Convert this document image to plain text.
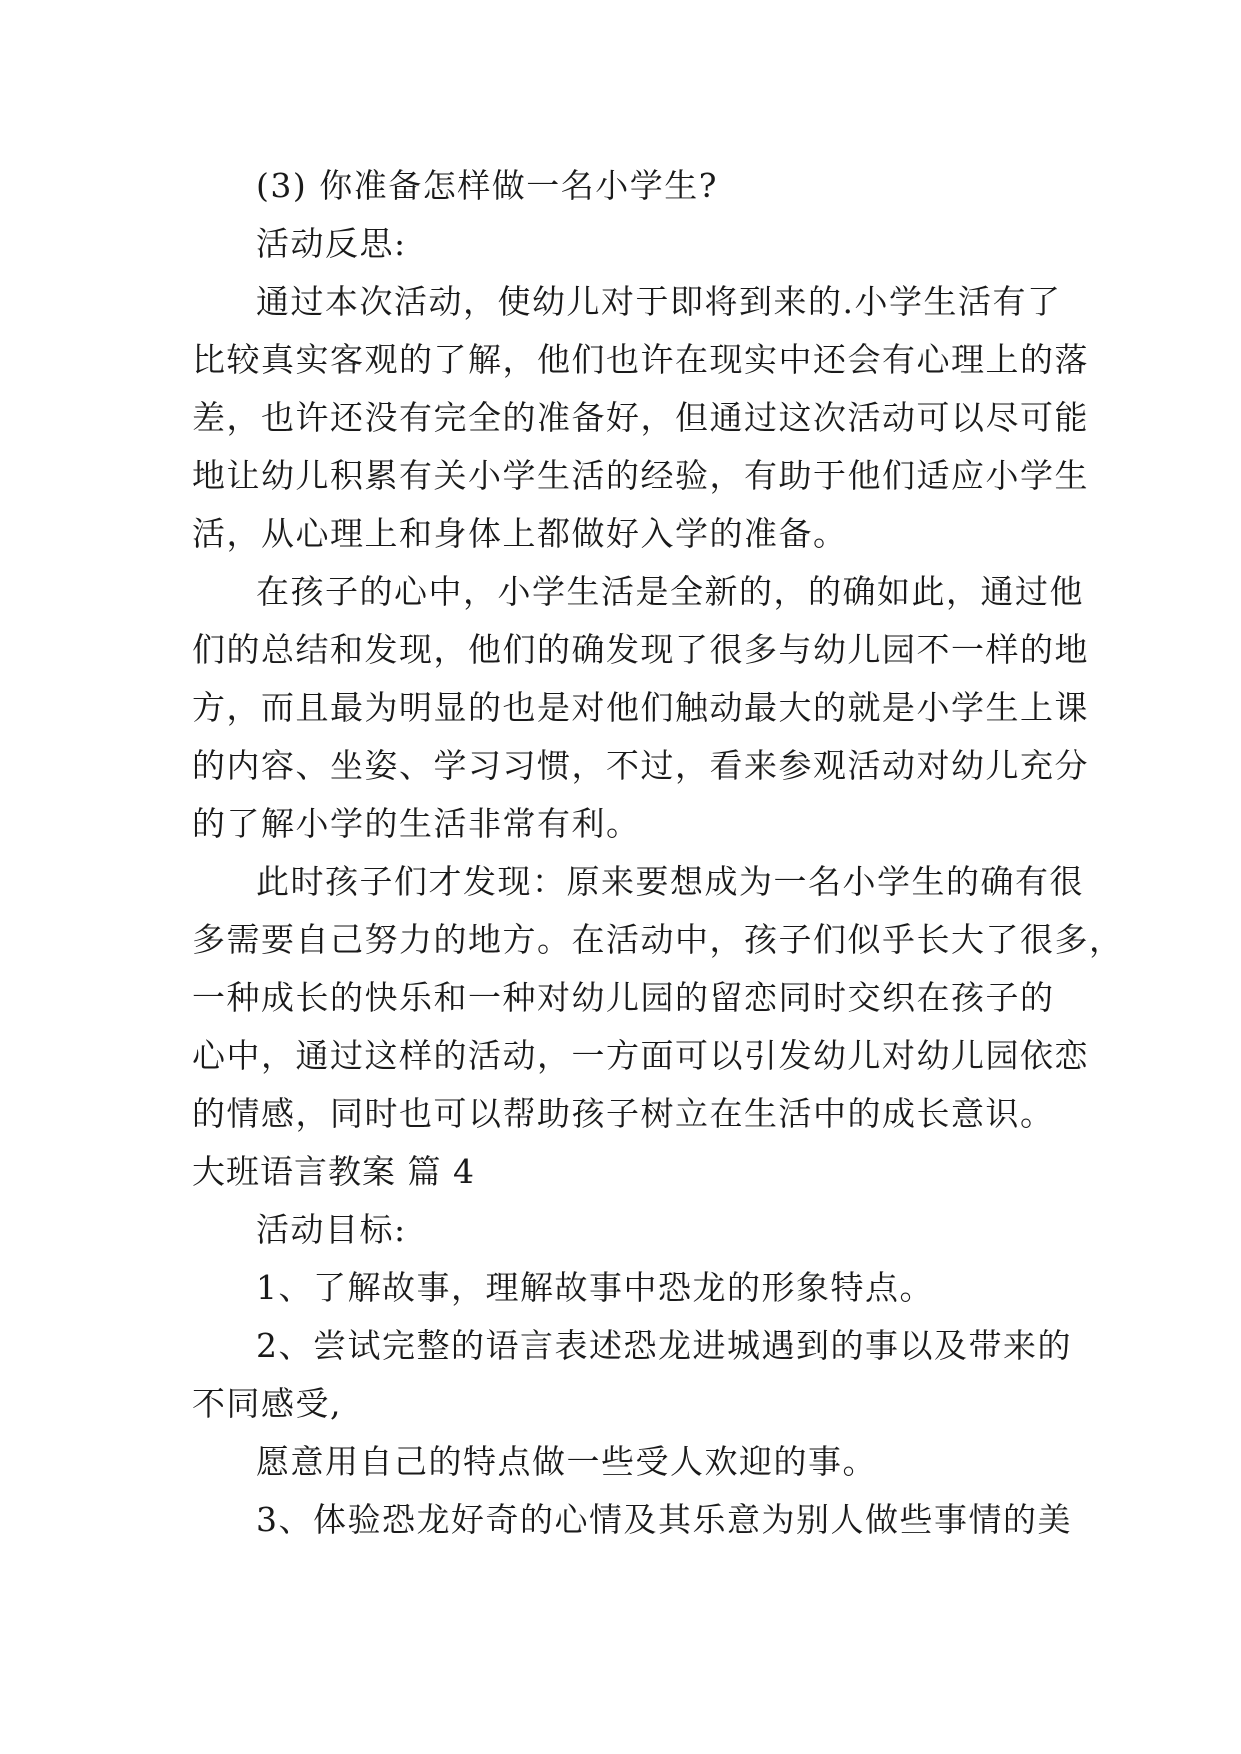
(3) 你准备怎样做一名小学生?
活动反思:
通过本次活动，使幼儿对于即将到来的.小学生活有了
比较真实客观的了解，他们也许在现实中还会有心理上的落
差，也许还没有完全的准备好，但通过这次活动可以尽可能
地让幼儿积累有关小学生活的经验，有助于他们适应小学生
活，从心理上和身体上都做好入学的准备。
在孩子的心中，小学生活是全新的，的确如此，通过他
们的总结和发现，他们的确发现了很多与幼儿园不一样的地
方，而且最为明显的也是对他们触动最大的就是小学生上课
的内容、坐姿、学习习惯，不过，看来参观活动对幼儿充分
的了解小学的生活非常有利。
此时孩子们才发现：原来要想成为一名小学生的确有很
多需要自己努力的地方。在活动中，孩子们似乎长大了很多，
一种成长的快乐和一种对幼儿园的留恋同时交织在孩子的
心中，通过这样的活动，一方面可以引发幼儿对幼儿园依恋
的情感，同时也可以帮助孩子树立在生活中的成长意识。
大班语言教案 篇 4
活动目标:
1、了解故事，理解故事中恐龙的形象特点。
2、尝试完整的语言表述恐龙进城遇到的事以及带来的
不同感受,
愿意用自己的特点做一些受人欢迎的事。
3、体验恐龙好奇的心情及其乐意为别人做些事情的美
